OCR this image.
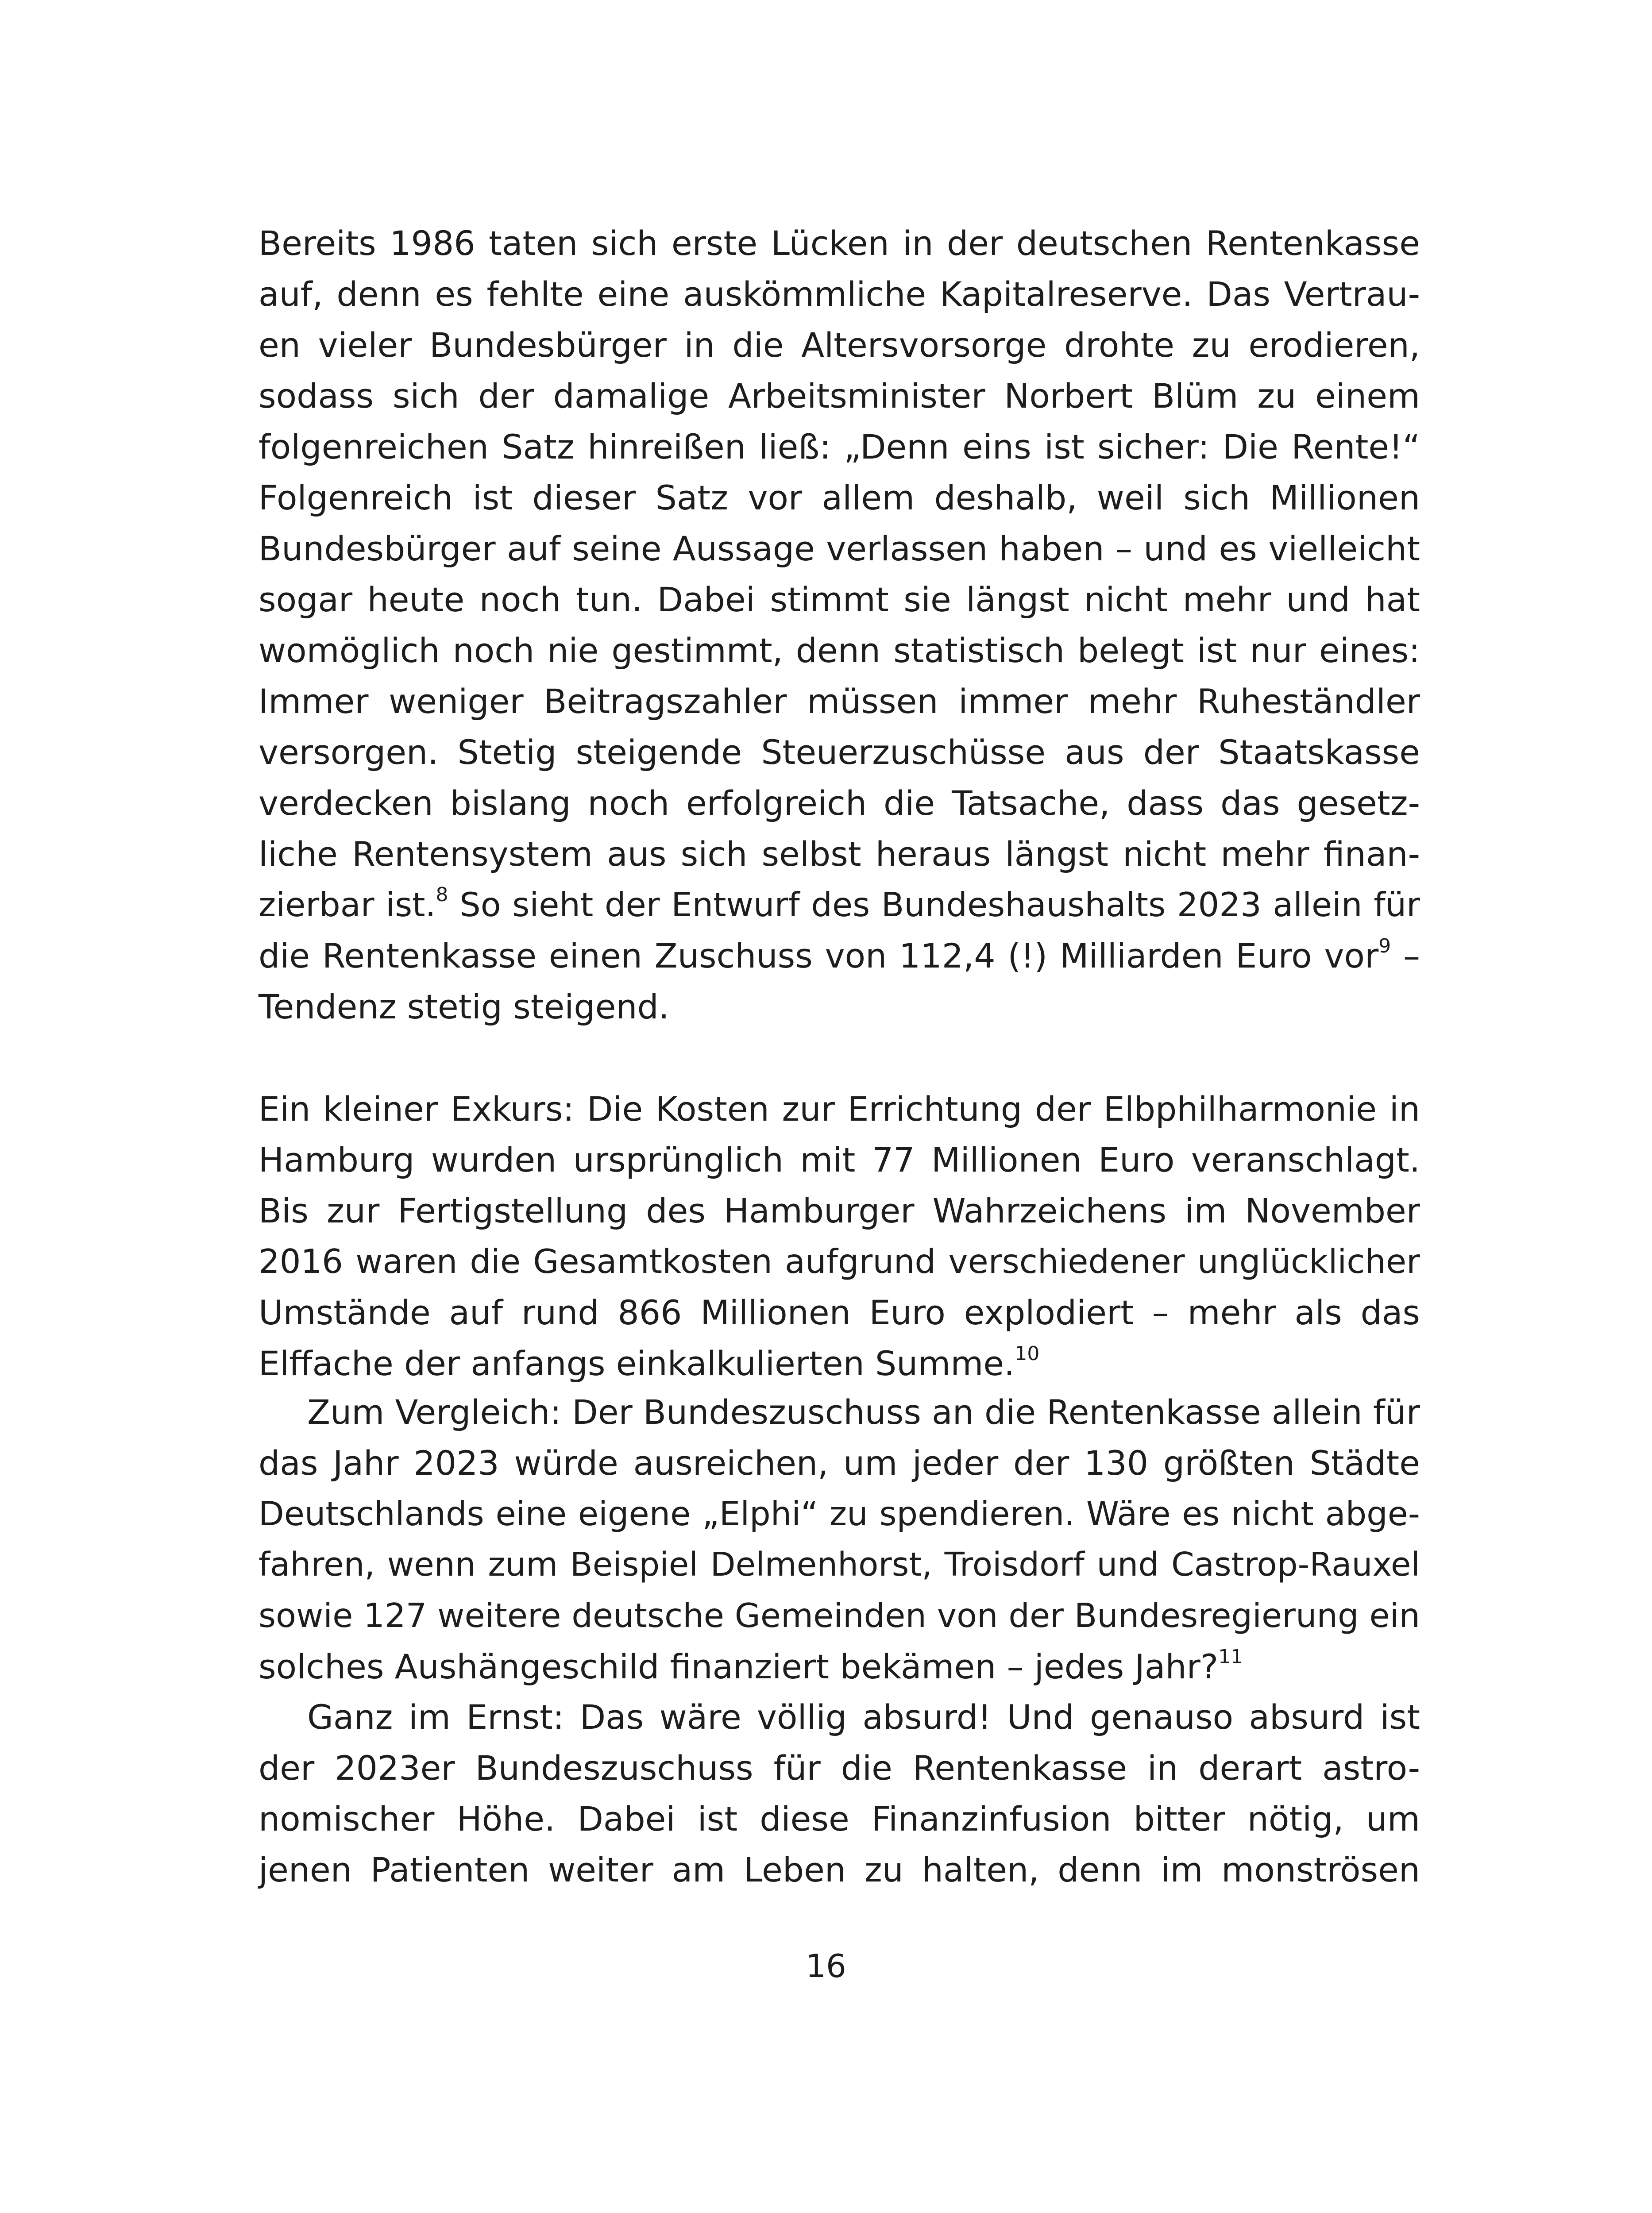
Bereits 1986 taten sich erste Lücken in der deutschen Rentenkasse
auf, denn es fehlte eine auskömmliche Kapitalreserve. Das Vertrau-
en vieler Bundesbürger in die Altersvorsorge drohte zu erodieren,
sodass sich der damalige Arbeitsminister Norbert Blüm zu einem
folgenreichen Satz hinreißen ließ: „Denn eins ist sicher: Die Rente!“
Folgenreich ist dieser Satz vor allem deshalb, weil sich Millionen
Bundesbürger auf seine Aussage verlassen haben – und es vielleicht
sogar heute noch tun. Dabei stimmt sie längst nicht mehr und hat
womöglich noch nie gestimmt, denn statistisch belegt ist nur eines:
Immer weniger Beitragszahler müssen immer mehr Ruheständler
versorgen. Stetig steigende Steuerzuschüsse aus der Staatskasse
verdecken bislang noch erfolgreich die Tatsache, dass das gesetz-
liche Rentensystem aus sich selbst heraus längst nicht mehr finan-
zierbar ist.$^8$ So sieht der Entwurf des Bundeshaushalts 2023 allein für
die Rentenkasse einen Zuschuss von 112,4 (!) Milliarden Euro vor$^9$ –
Tendenz stetig steigend.
Ein kleiner Exkurs: Die Kosten zur Errichtung der Elbphilharmonie in
Hamburg wurden ursprünglich mit 77 Millionen Euro veranschlagt.
Bis zur Fertigstellung des Hamburger Wahrzeichens im November
2016 waren die Gesamtkosten aufgrund verschiedener unglücklicher
Umstände auf rund 866 Millionen Euro explodiert – mehr als das
Elffache der anfangs einkalkulierten Summe.$^{10}$
Zum Vergleich: Der Bundeszuschuss an die Rentenkasse allein für
das Jahr 2023 würde ausreichen, um jeder der 130 größten Städte
Deutschlands eine eigene „Elphi“ zu spendieren. Wäre es nicht abge-
fahren, wenn zum Beispiel Delmenhorst, Troisdorf und Castrop-Rauxel
sowie 127 weitere deutsche Gemeinden von der Bundesregierung ein
solches Aushängeschild finanziert bekämen – jedes Jahr?$^{11}$
Ganz im Ernst: Das wäre völlig absurd! Und genauso absurd ist
der 2023er Bundeszuschuss für die Rentenkasse in derart astro-
nomischer Höhe. Dabei ist diese Finanzinfusion bitter nötig, um
jenen Patienten weiter am Leben zu halten, denn im monströsen
16
